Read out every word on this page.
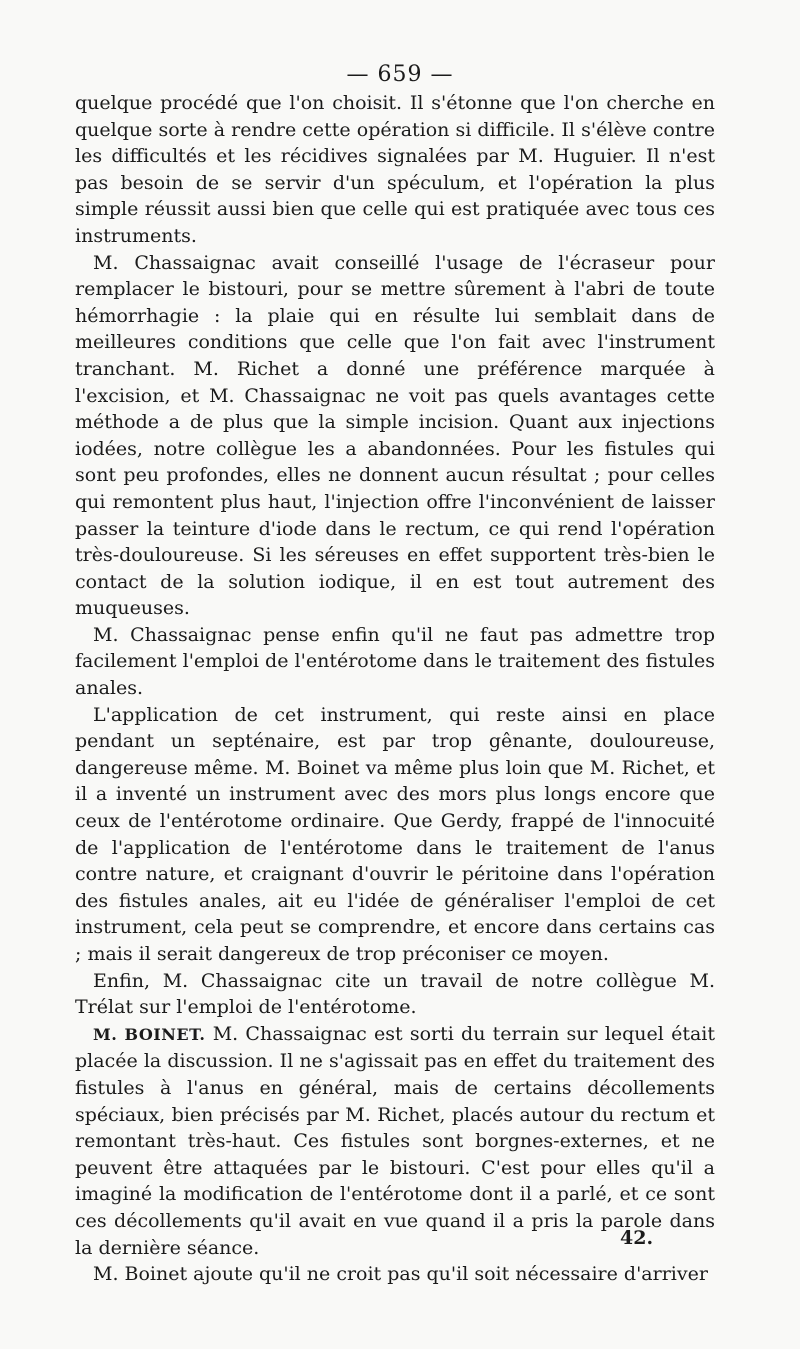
— 659 —

quelque procédé que l'on choisit. Il s'étonne que l'on cherche en quelque sorte à rendre cette opération si difficile. Il s'élève contre les difficultés et les récidives signalées par M. Huguier. Il n'est pas besoin de se servir d'un spéculum, et l'opération la plus simple réussit aussi bien que celle qui est pratiquée avec tous ces instruments.

M. Chassaignac avait conseillé l'usage de l'écraseur pour remplacer le bistouri, pour se mettre sûrement à l'abri de toute hémorrhagie : la plaie qui en résulte lui semblait dans de meilleures conditions que celle que l'on fait avec l'instrument tranchant. M. Richet a donné une préférence marquée à l'excision, et M. Chassaignac ne voit pas quels avantages cette méthode a de plus que la simple incision. Quant aux injections iodées, notre collègue les a abandonnées. Pour les fistules qui sont peu profondes, elles ne donnent aucun résultat ; pour celles qui remontent plus haut, l'injection offre l'inconvénient de laisser passer la teinture d'iode dans le rectum, ce qui rend l'opération très-douloureuse. Si les séreuses en effet supportent très-bien le contact de la solution iodique, il en est tout autrement des muqueuses.

M. Chassaignac pense enfin qu'il ne faut pas admettre trop facilement l'emploi de l'entérotome dans le traitement des fistules anales.

L'application de cet instrument, qui reste ainsi en place pendant un septénaire, est par trop gênante, douloureuse, dangereuse même. M. Boinet va même plus loin que M. Richet, et il a inventé un instrument avec des mors plus longs encore que ceux de l'entérotome ordinaire. Que Gerdy, frappé de l'innocuité de l'application de l'entérotome dans le traitement de l'anus contre nature, et craignant d'ouvrir le péritoine dans l'opération des fistules anales, ait eu l'idée de généraliser l'emploi de cet instrument, cela peut se comprendre, et encore dans certains cas ; mais il serait dangereux de trop préconiser ce moyen.

Enfin, M. Chassaignac cite un travail de notre collègue M. Trélat sur l'emploi de l'entérotome.

M. BOINET. M. Chassaignac est sorti du terrain sur lequel était placée la discussion. Il ne s'agissait pas en effet du traitement des fistules à l'anus en général, mais de certains décollements spéciaux, bien précisés par M. Richet, placés autour du rectum et remontant très-haut. Ces fistules sont borgnes-externes, et ne peuvent être attaquées par le bistouri. C'est pour elles qu'il a imaginé la modification de l'entérotome dont il a parlé, et ce sont ces décollements qu'il avait en vue quand il a pris la parole dans la dernière séance.

M. Boinet ajoute qu'il ne croit pas qu'il soit nécessaire d'arriver

42.
